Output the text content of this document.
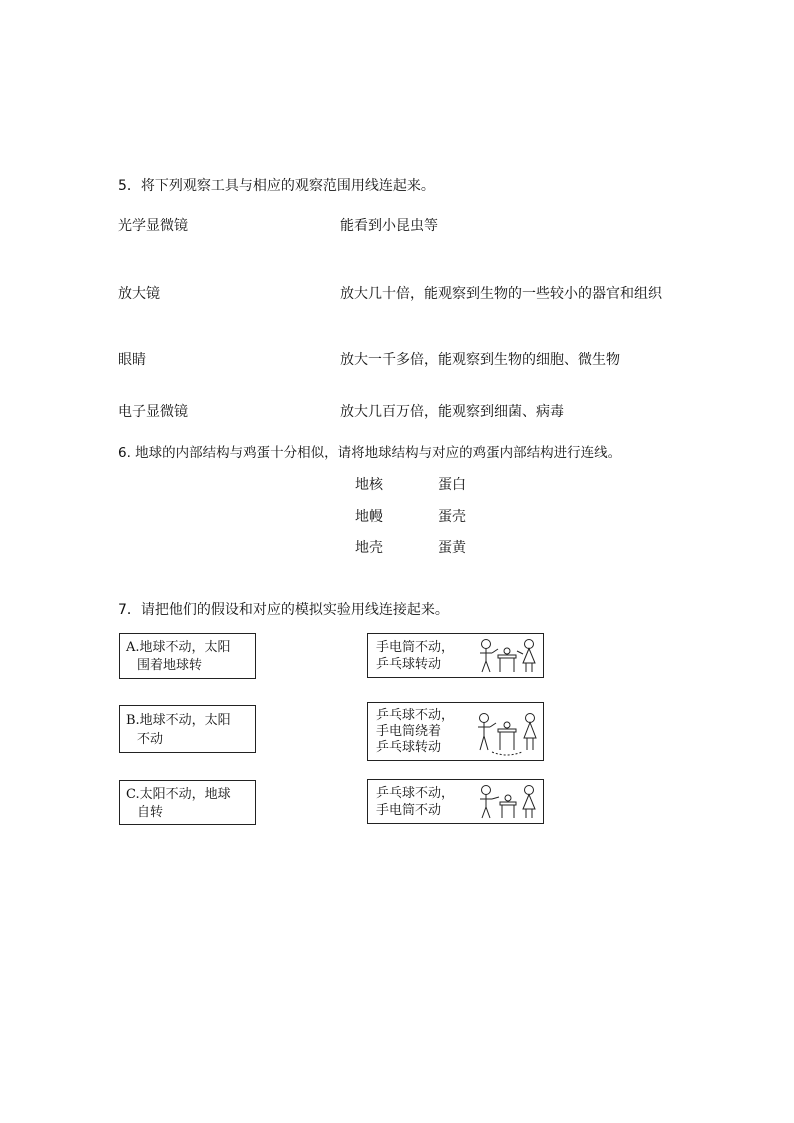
5．将下列观察工具与相应的观察范围用线连起来。
光学显微镜
放大镜
眼睛
电子显微镜
能看到小昆虫等
放大几十倍，能观察到生物的一些较小的器官和组织
放大一千多倍，能观察到生物的细胞、微生物
放大几百万倍，能观察到细菌、病毒
6. 地球的内部结构与鸡蛋十分相似，请将地球结构与对应的鸡蛋内部结构进行连线。
地核
地幔
地壳
蛋白
蛋壳
蛋黄
7．请把他们的假设和对应的模拟实验用线连接起来。
A.地球不动，太阳
围着地球转
B.地球不动，太阳
不动
C.太阳不动，地球
自转
手电筒不动，
乒乓球转动
乒乓球不动，
手电筒绕着
乒乓球转动
乒乓球不动，
手电筒不动
